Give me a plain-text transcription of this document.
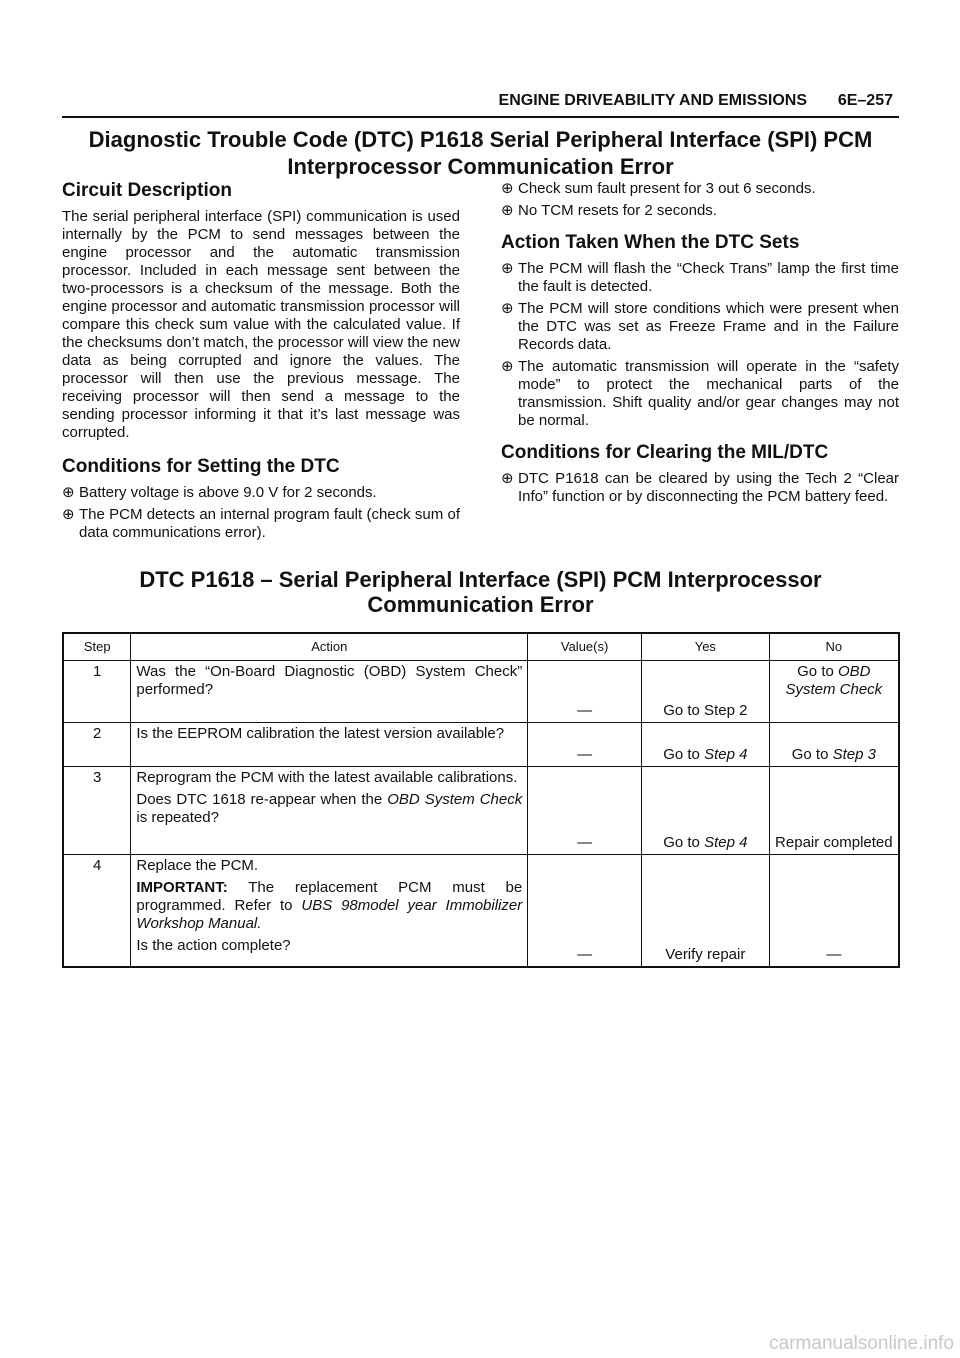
ENGINE DRIVEABILITY AND EMISSIONS 6E–257
Diagnostic Trouble Code (DTC) P1618 Serial Peripheral Interface (SPI) PCM
Interprocessor Communication Error
Circuit Description

The serial peripheral interface (SPI) communication is used internally by the PCM to send messages between the engine processor and the automatic transmission processor. Included in each message sent between the two-processors is a checksum of the message. Both the engine processor and automatic transmission processor will compare this check sum value with the calculated value. If the checksums don’t match, the processor will view the new data as being corrupted and ignore the values. The processor will then use the previous message. The receiving processor will then send a message to the sending processor informing it that it’s last message was corrupted.

Conditions for Setting the DTC
⊕ Battery voltage is above 9.0 V for 2 seconds.
⊕ The PCM detects an internal program fault (check sum of data communications error).
⊕ Check sum fault present for 3 out 6 seconds.
⊕ No TCM resets for 2 seconds.
Action Taken When the DTC Sets
⊕ The PCM will flash the “Check Trans” lamp the first time the fault is detected.
⊕ The PCM will store conditions which were present when the DTC was set as Freeze Frame and in the Failure Records data.
⊕ The automatic transmission will operate in the “safety mode” to protect the mechanical parts of the transmission. Shift quality and/or gear changes may not be normal.
Conditions for Clearing the MIL/DTC
⊕ DTC P1618 can be cleared by using the Tech 2 “Clear Info” function or by disconnecting the PCM battery feed.
DTC P1618 – Serial Peripheral Interface (SPI) PCM Interprocessor
Communication Error
Step	Action	Value(s)	Yes	No
1	Was the “On-Board Diagnostic (OBD) System Check” performed?	—	Go to Step 2	Go to OBD System Check
2	Is the EEPROM calibration the latest version available?	—	Go to Step 4	Go to Step 3
3	Reprogram the PCM with the latest available calibrations.

Does DTC 1618 re-appear when the OBD System Check is repeated?	—	Go to Step 4	Repair completed
4	Replace the PCM.

IMPORTANT: The replacement PCM must be programmed. Refer to UBS 98model year Immobilizer Workshop Manual.

Is the action complete?	—	Verify repair	—
carmanualsonline.info
